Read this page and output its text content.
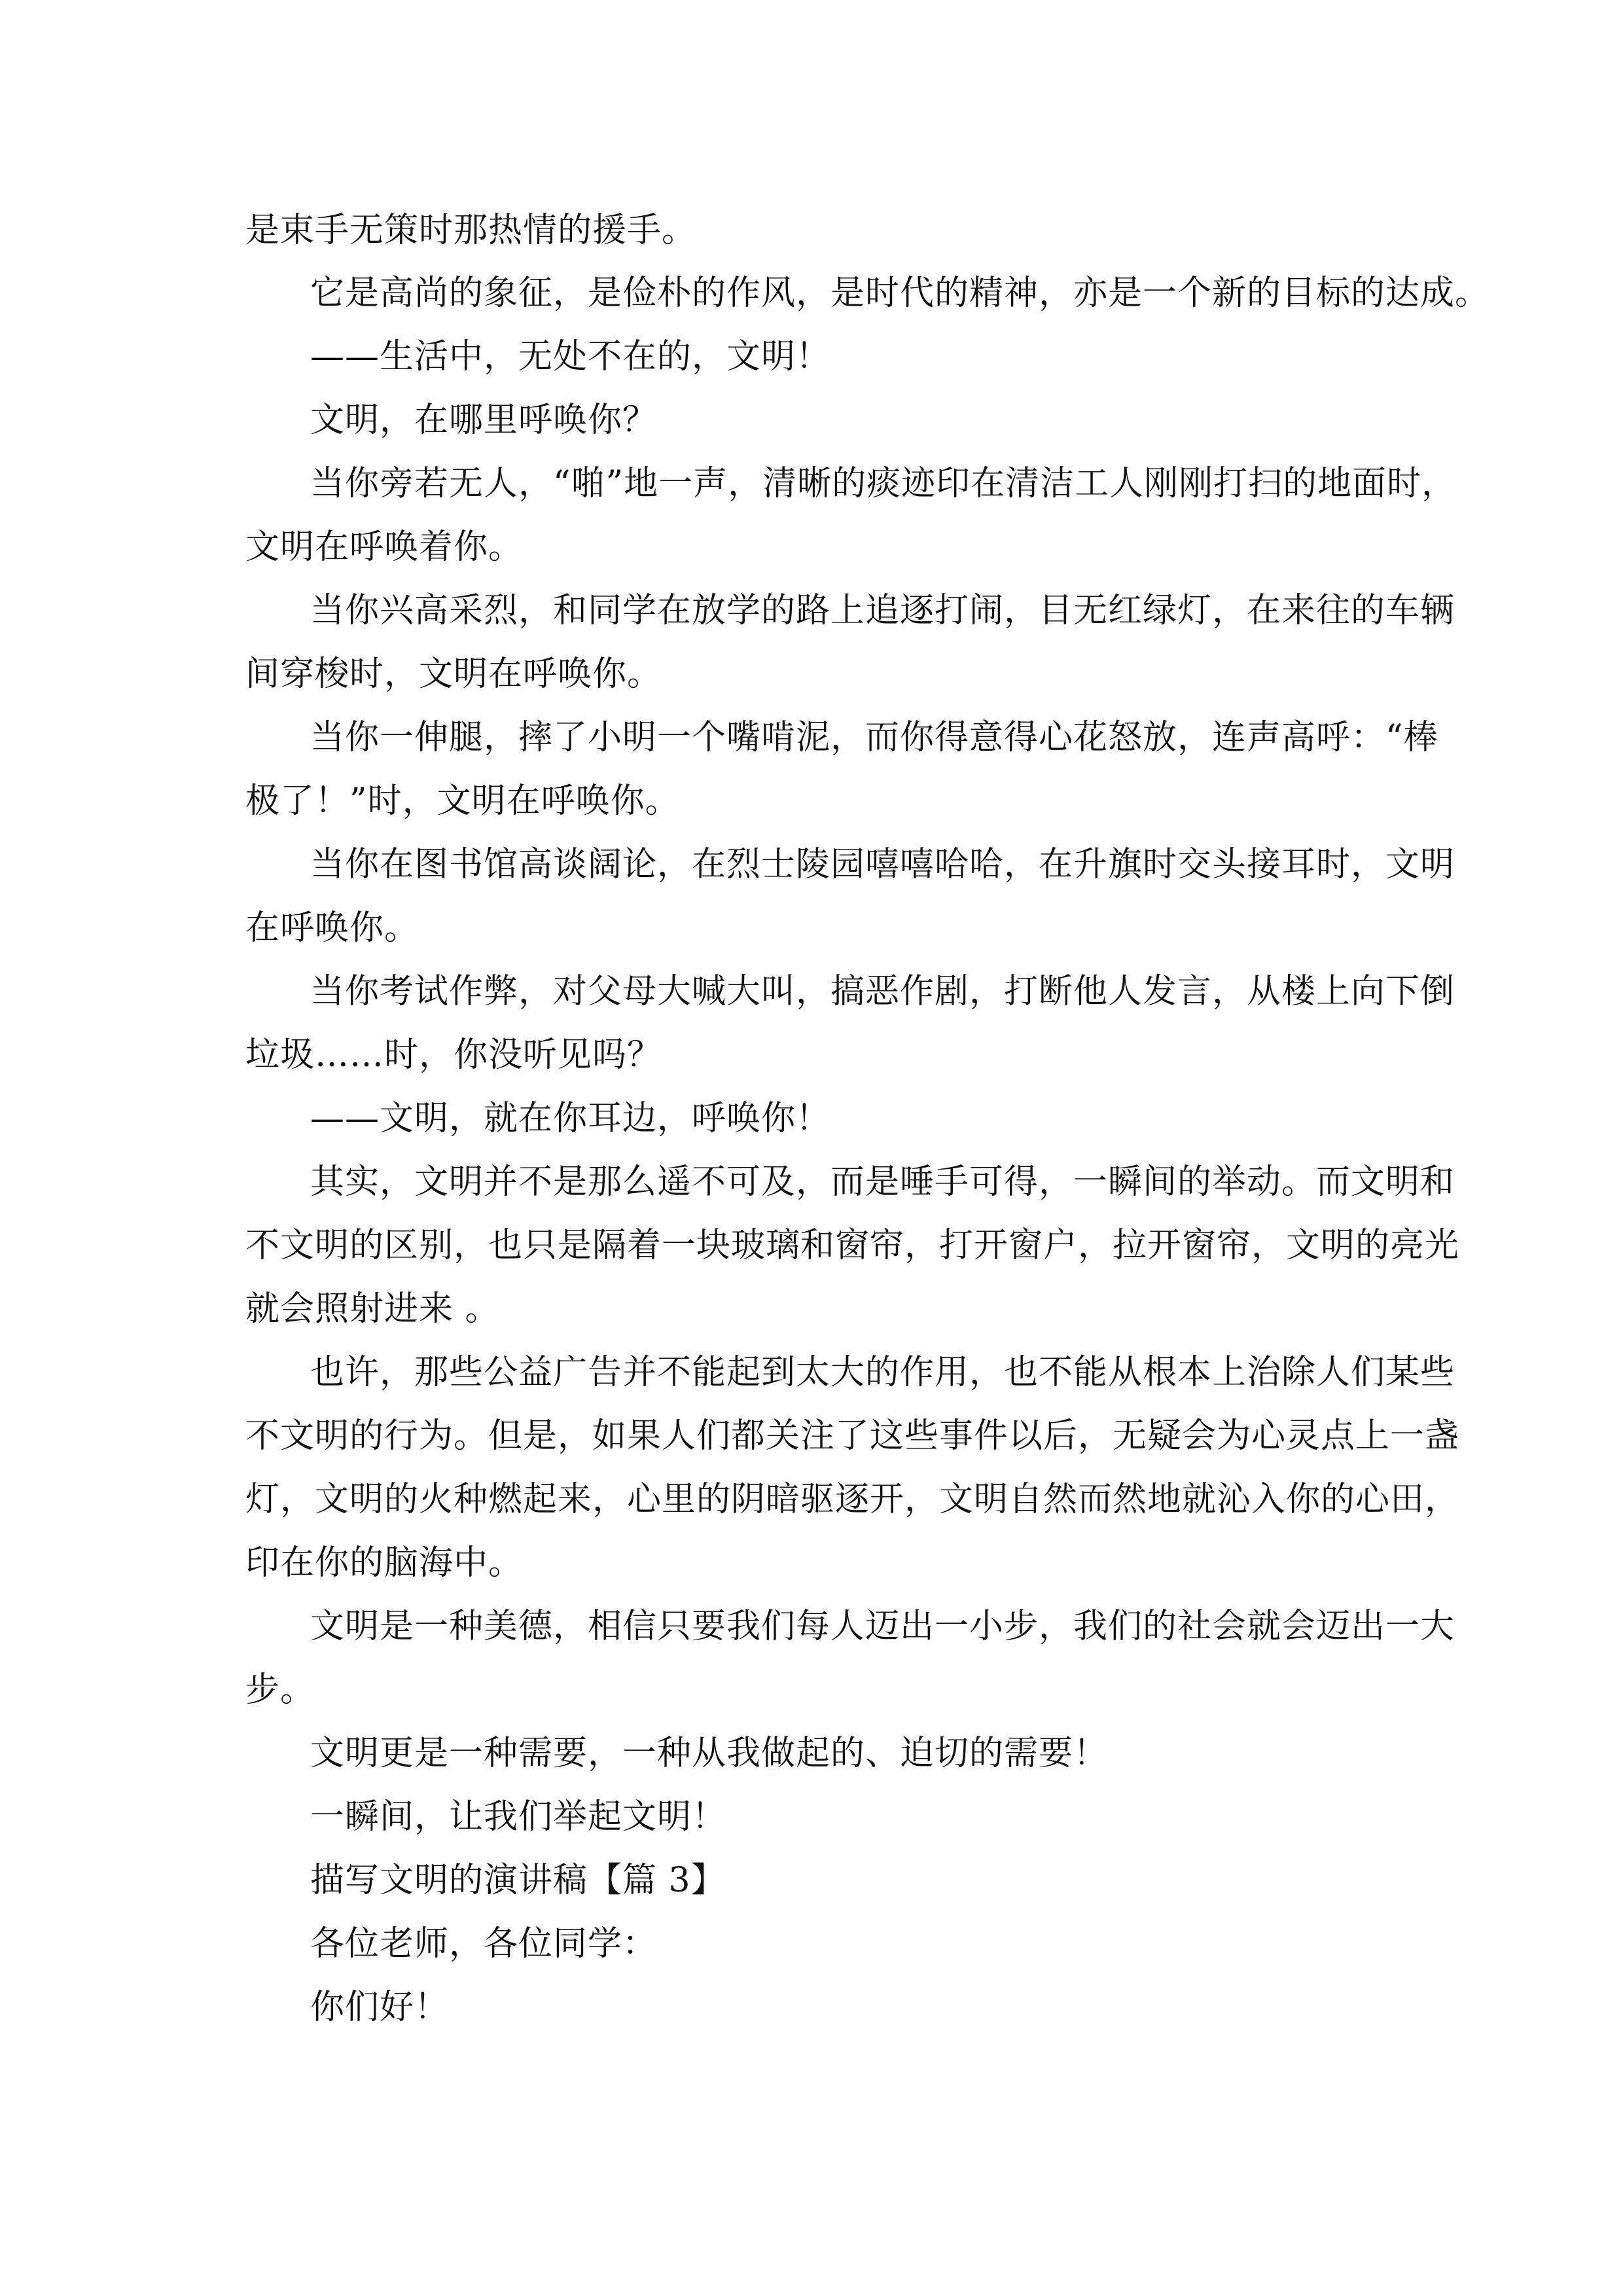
是束手无策时那热情的援手。
它是高尚的象征，是俭朴的作风，是时代的精神，亦是一个新的目标的达成。
——生活中，无处不在的，文明！
文明，在哪里呼唤你？
当你旁若无人，“啪”地一声，清晰的痰迹印在清洁工人刚刚打扫的地面时，
文明在呼唤着你。
当你兴高采烈，和同学在放学的路上追逐打闹，目无红绿灯，在来往的车辆
间穿梭时，文明在呼唤你。
当你一伸腿，摔了小明一个嘴啃泥，而你得意得心花怒放，连声高呼：“棒
极了！”时，文明在呼唤你。
当你在图书馆高谈阔论，在烈士陵园嘻嘻哈哈，在升旗时交头接耳时，文明
在呼唤你。
当你考试作弊，对父母大喊大叫，搞恶作剧，打断他人发言，从楼上向下倒
垃圾……时，你没听见吗？
——文明，就在你耳边，呼唤你！
其实，文明并不是那么遥不可及，而是唾手可得，一瞬间的举动。而文明和
不文明的区别，也只是隔着一块玻璃和窗帘，打开窗户，拉开窗帘，文明的亮光
就会照射进来 。
也许，那些公益广告并不能起到太大的作用，也不能从根本上治除人们某些
不文明的行为。但是，如果人们都关注了这些事件以后，无疑会为心灵点上一盏
灯，文明的火种燃起来，心里的阴暗驱逐开，文明自然而然地就沁入你的心田，
印在你的脑海中。
文明是一种美德，相信只要我们每人迈出一小步，我们的社会就会迈出一大
步。
文明更是一种需要，一种从我做起的、迫切的需要！
一瞬间，让我们举起文明！
描写文明的演讲稿【篇 3】
各位老师，各位同学：
你们好！
